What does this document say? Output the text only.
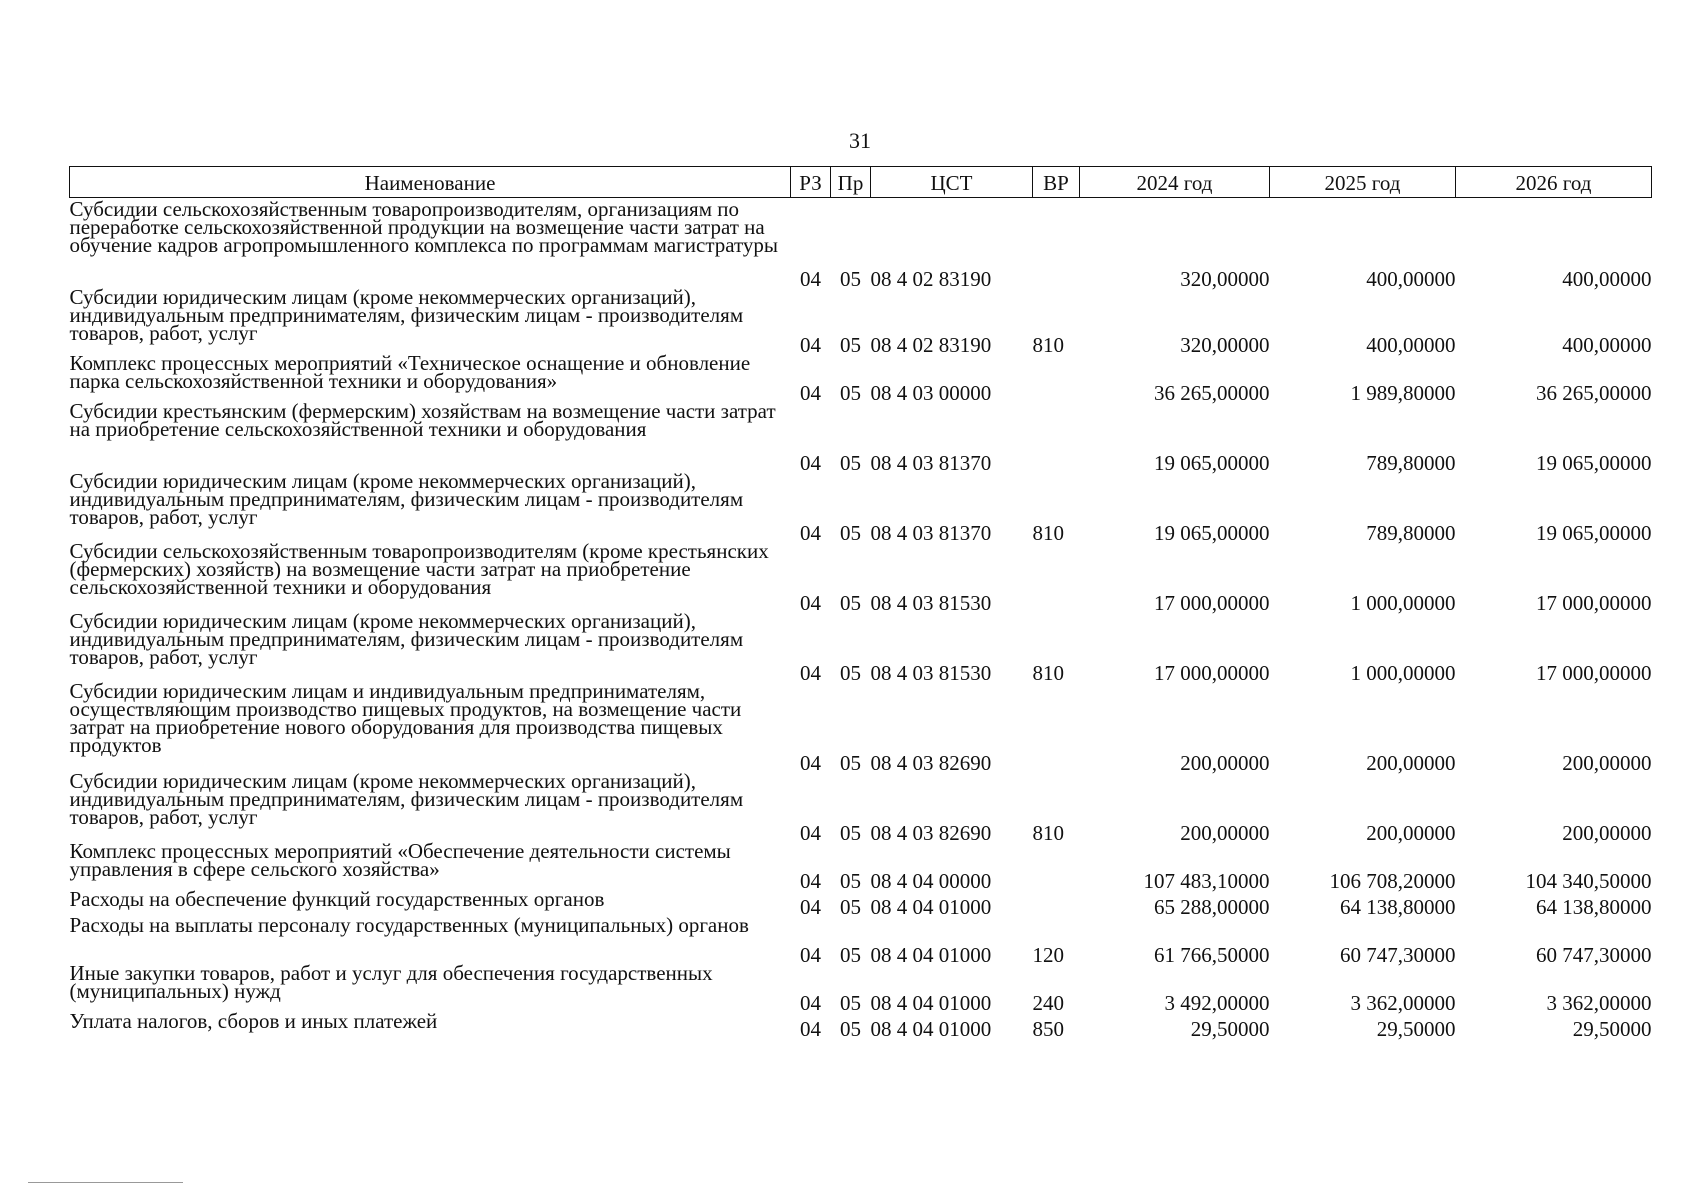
31
Наименование	РЗ	Пр	ЦСТ	ВР	2024 год	2025 год	2026 год
Субсидии сельскохозяйственным товаропроизводителям, организациям по переработке сельскохозяйственной продукции на возмещение части затрат на обучение кадров агропромышленного комплекса по программам магистратуры	04	05	08 4 02 83190		320,00000	400,00000	400,00000
Субсидии юридическим лицам (кроме некоммерческих организаций), индивидуальным предпринимателям, физическим лицам - производителям товаров, работ, услуг	04	05	08 4 02 83190	810	320,00000	400,00000	400,00000
Комплекс процессных мероприятий «Техническое оснащение и обновление парка сельскохозяйственной техники и оборудования»	04	05	08 4 03 00000		36 265,00000	1 989,80000	36 265,00000
Субсидии крестьянским (фермерским) хозяйствам на возмещение части затрат на приобретение сельскохозяйственной техники и оборудования	04	05	08 4 03 81370		19 065,00000	789,80000	19 065,00000
Субсидии юридическим лицам (кроме некоммерческих организаций), индивидуальным предпринимателям, физическим лицам - производителям товаров, работ, услуг	04	05	08 4 03 81370	810	19 065,00000	789,80000	19 065,00000
Субсидии сельскохозяйственным товаропроизводителям (кроме крестьянских (фермерских) хозяйств) на возмещение части затрат на приобретение сельскохозяйственной техники и оборудования	04	05	08 4 03 81530		17 000,00000	1 000,00000	17 000,00000
Субсидии юридическим лицам (кроме некоммерческих организаций), индивидуальным предпринимателям, физическим лицам - производителям товаров, работ, услуг	04	05	08 4 03 81530	810	17 000,00000	1 000,00000	17 000,00000
Субсидии юридическим лицам и индивидуальным предпринимателям, осуществляющим производство пищевых продуктов, на возмещение части затрат на приобретение нового оборудования для производства пищевых продуктов	04	05	08 4 03 82690		200,00000	200,00000	200,00000
Субсидии юридическим лицам (кроме некоммерческих организаций), индивидуальным предпринимателям, физическим лицам - производителям товаров, работ, услуг	04	05	08 4 03 82690	810	200,00000	200,00000	200,00000
Комплекс процессных мероприятий «Обеспечение деятельности системы управления в сфере сельского хозяйства»	04	05	08 4 04 00000		107 483,10000	106 708,20000	104 340,50000
Расходы на обеспечение функций государственных органов	04	05	08 4 04 01000		65 288,00000	64 138,80000	64 138,80000
Расходы на выплаты персоналу государственных (муниципальных) органов	04	05	08 4 04 01000	120	61 766,50000	60 747,30000	60 747,30000
Иные закупки товаров, работ и услуг для обеспечения государственных (муниципальных) нужд	04	05	08 4 04 01000	240	3 492,00000	3 362,00000	3 362,00000
Уплата налогов, сборов и иных платежей	04	05	08 4 04 01000	850	29,50000	29,50000	29,50000
